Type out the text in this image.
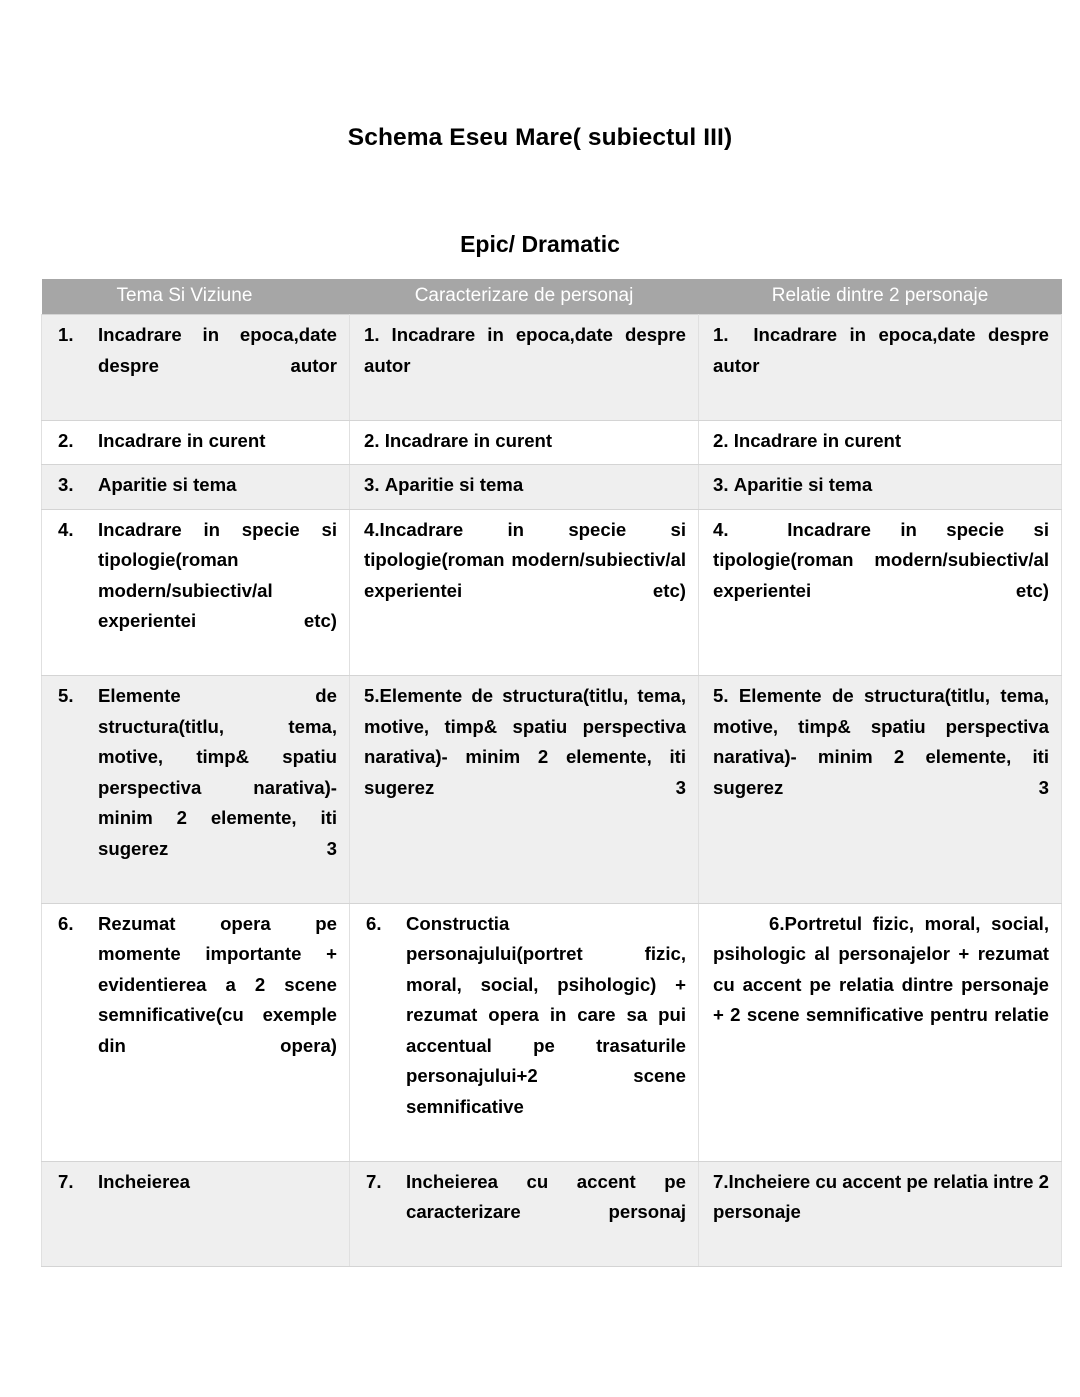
Schema Eseu Mare( subiectul III)
Epic/ Dramatic
Tema Si Viziune	Caracterizare de personaj	Relatie dintre 2 personaje

1. Incadrare in epoca,date despre autor	1. Incadrare in epoca,date despre autor	1. Incadrare in epoca,date despre autor

2. Incadrare in curent	2. Incadrare in curent	2. Incadrare in curent

3. Aparitie si tema	3. Aparitie si tema	3. Aparitie si tema

4. Incadrare in specie si tipologie(roman modern/subiectiv/al experientei etc)	4.Incadrare in specie si tipologie(roman modern/subiectiv/al experientei etc)	4. Incadrare in specie si tipologie(roman modern/subiectiv/al experientei etc)

5. Elemente de structura(titlu, tema, motive, timp& spatiu perspectiva narativa)- minim 2 elemente, iti sugerez 3	5.Elemente de structura(titlu, tema, motive, timp& spatiu perspectiva narativa)- minim 2 elemente, iti sugerez 3	5. Elemente de structura(titlu, tema, motive, timp& spatiu perspectiva narativa)- minim 2 elemente, iti sugerez 3

6. Rezumat opera pe momente importante + evidentierea a 2 scene semnificative(cu exemple din opera)	6. Constructia personajului(portret fizic, moral, social, psihologic) + rezumat opera in care sa pui accentual pe trasaturile personajului+2 scene semnificative	6.Portretul fizic, moral, social, psihologic al personajelor + rezumat cu accent pe relatia dintre personaje + 2 scene semnificative pentru relatie

7. Incheierea	7. Incheierea cu accent pe caracterizare personaj	7.Incheiere cu accent pe relatia intre 2 personaje
